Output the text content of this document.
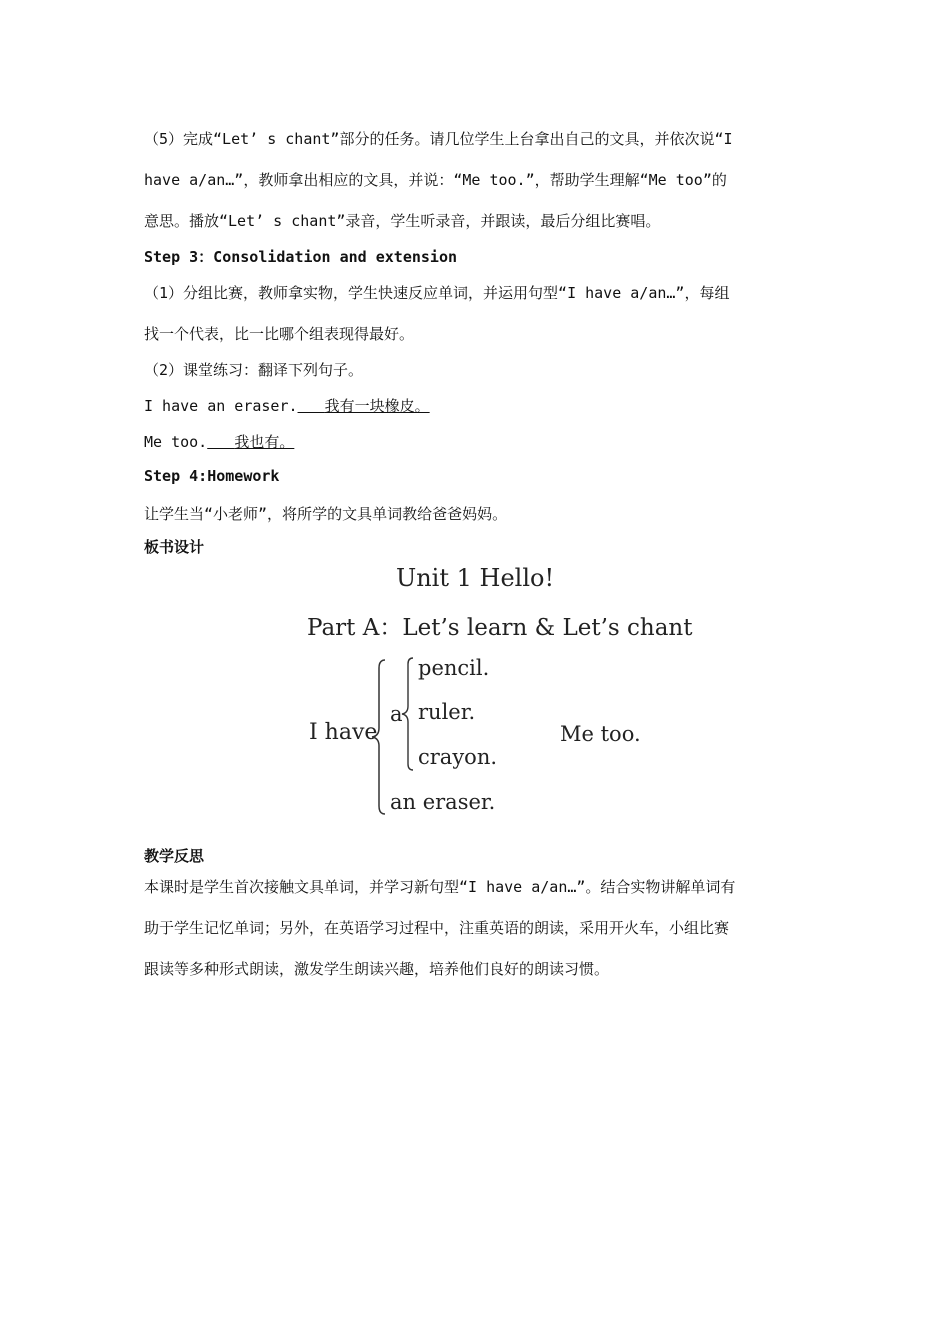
（5）完成“Let’ s chant”部分的任务。请几位学生上台拿出自己的文具，并依次说“I
have a/an…”，教师拿出相应的文具，并说：“Me too.”，帮助学生理解“Me too”的
意思。播放“Let’ s chant”录音，学生听录音，并跟读，最后分组比赛唱。
Step 3：Consolidation and extension
（1）分组比赛，教师拿实物，学生快速反应单词，并运用句型“I have a/an…”，每组
找一个代表，比一比哪个组表现得最好。
（2）课堂练习：翻译下列句子。
I have an eraser. 我有一块橡皮。
Me too. 我也有。
Step 4:Homework
让学生当“小老师”，将所学的文具单词教给爸爸妈妈。
板书设计
Unit 1 Hello!
Part A：Let’s learn & Let’s chant
I have
a
pencil.
ruler.
crayon.
an eraser.
Me too.
教学反思
本课时是学生首次接触文具单词，并学习新句型“I have a/an…”。结合实物讲解单词有
助于学生记忆单词；另外，在英语学习过程中，注重英语的朗读，采用开火车，小组比赛
跟读等多种形式朗读，激发学生朗读兴趣，培养他们良好的朗读习惯。
